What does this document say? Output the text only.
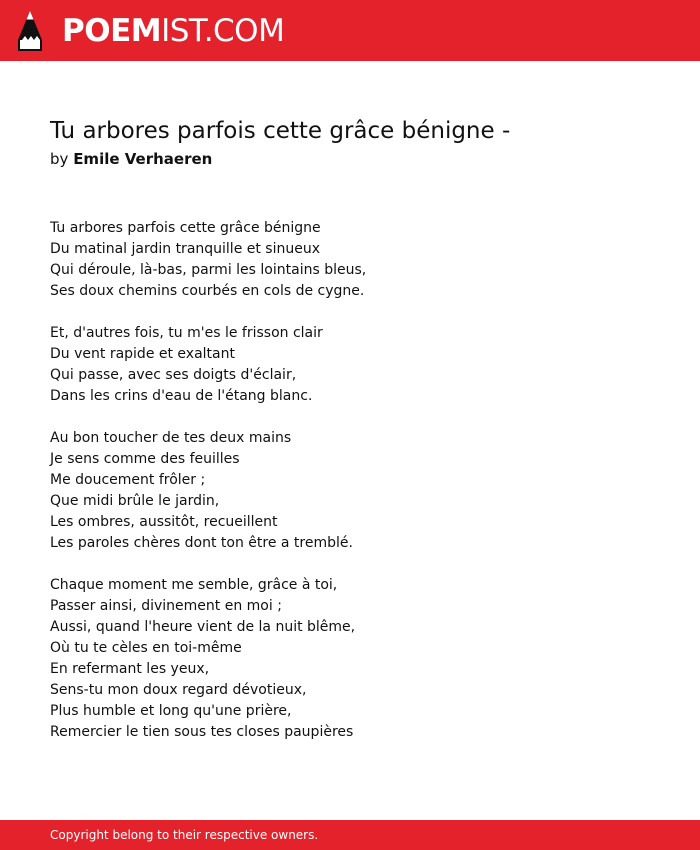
POEMIST.COM
Tu arbores parfois cette grâce bénigne -
by Emile Verhaeren
Tu arbores parfois cette grâce bénigne
Du matinal jardin tranquille et sinueux
Qui déroule, là-bas, parmi les lointains bleus,
Ses doux chemins courbés en cols de cygne.
Et, d'autres fois, tu m'es le frisson clair
Du vent rapide et exaltant
Qui passe, avec ses doigts d'éclair,
Dans les crins d'eau de l'étang blanc.
Au bon toucher de tes deux mains
Je sens comme des feuilles
Me doucement frôler ;
Que midi brûle le jardin,
Les ombres, aussitôt, recueillent
Les paroles chères dont ton être a tremblé.
Chaque moment me semble, grâce à toi,
Passer ainsi, divinement en moi ;
Aussi, quand l'heure vient de la nuit blême,
Où tu te cèles en toi-même
En refermant les yeux,
Sens-tu mon doux regard dévotieux,
Plus humble et long qu'une prière,
Remercier le tien sous tes closes paupières
Copyright belong to their respective owners.
